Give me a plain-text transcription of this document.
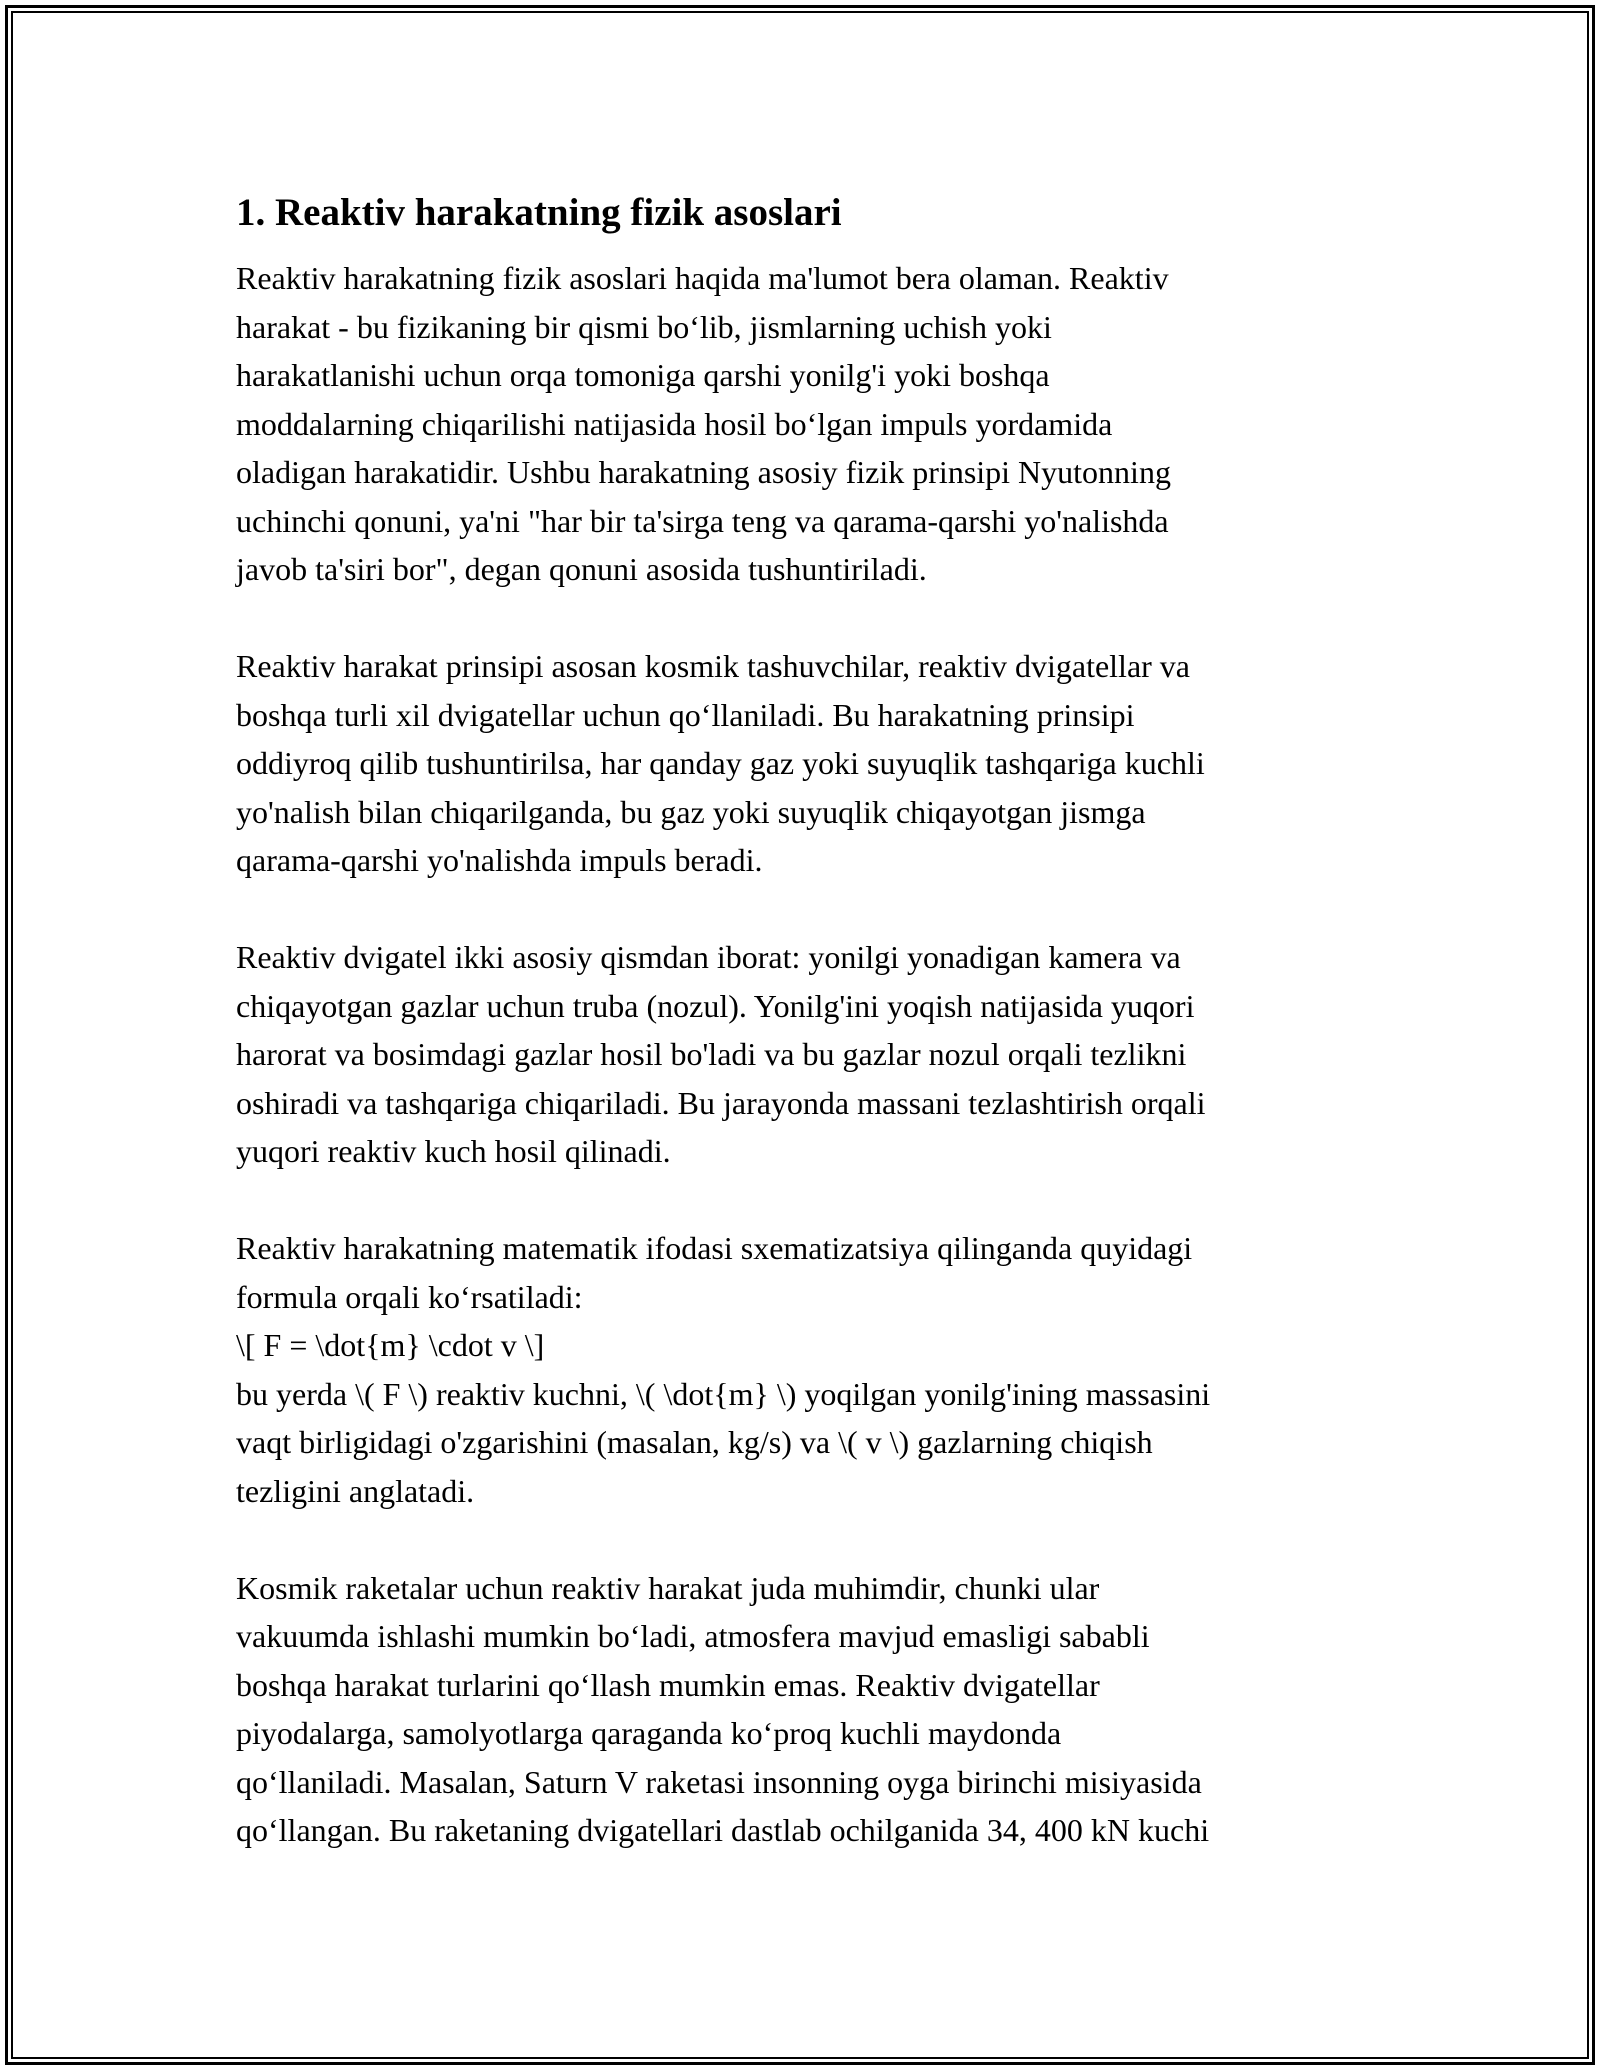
1. Reaktiv harakatning fizik asoslari

Reaktiv harakatning fizik asoslari haqida ma'lumot bera olaman. Reaktiv
harakat - bu fizikaning bir qismi bo‘lib, jismlarning uchish yoki
harakatlanishi uchun orqa tomoniga qarshi yonilg'i yoki boshqa
moddalarning chiqarilishi natijasida hosil bo‘lgan impuls yordamida
oladigan harakatidir. Ushbu harakatning asosiy fizik prinsipi Nyutonning
uchinchi qonuni, ya'ni "har bir ta'sirga teng va qarama-qarshi yo'nalishda
javob ta'siri bor", degan qonuni asosida tushuntiriladi.

Reaktiv harakat prinsipi asosan kosmik tashuvchilar, reaktiv dvigatellar va
boshqa turli xil dvigatellar uchun qo‘llaniladi. Bu harakatning prinsipi
oddiyroq qilib tushuntirilsa, har qanday gaz yoki suyuqlik tashqariga kuchli
yo'nalish bilan chiqarilganda, bu gaz yoki suyuqlik chiqayotgan jismga
qarama-qarshi yo'nalishda impuls beradi.

Reaktiv dvigatel ikki asosiy qismdan iborat: yonilgi yonadigan kamera va
chiqayotgan gazlar uchun truba (nozul). Yonilg'ini yoqish natijasida yuqori
harorat va bosimdagi gazlar hosil bo'ladi va bu gazlar nozul orqali tezlikni
oshiradi va tashqariga chiqariladi. Bu jarayonda massani tezlashtirish orqali
yuqori reaktiv kuch hosil qilinadi.

Reaktiv harakatning matematik ifodasi sxematizatsiya qilinganda quyidagi
formula orqali ko‘rsatiladi:
\[ F = \dot{m} \cdot v \]
bu yerda \( F \) reaktiv kuchni, \( \dot{m} \) yoqilgan yonilg'ining massasini
vaqt birligidagi o'zgarishini (masalan, kg/s) va \( v \) gazlarning chiqish
tezligini anglatadi.

Kosmik raketalar uchun reaktiv harakat juda muhimdir, chunki ular
vakuumda ishlashi mumkin bo‘ladi, atmosfera mavjud emasligi sababli
boshqa harakat turlarini qo‘llash mumkin emas. Reaktiv dvigatellar
piyodalarga, samolyotlarga qaraganda ko‘proq kuchli maydonda
qo‘llaniladi. Masalan, Saturn V raketasi insonning oyga birinchi misiyasida
qo‘llangan. Bu raketaning dvigatellari dastlab ochilganida 34, 400 kN kuchi
